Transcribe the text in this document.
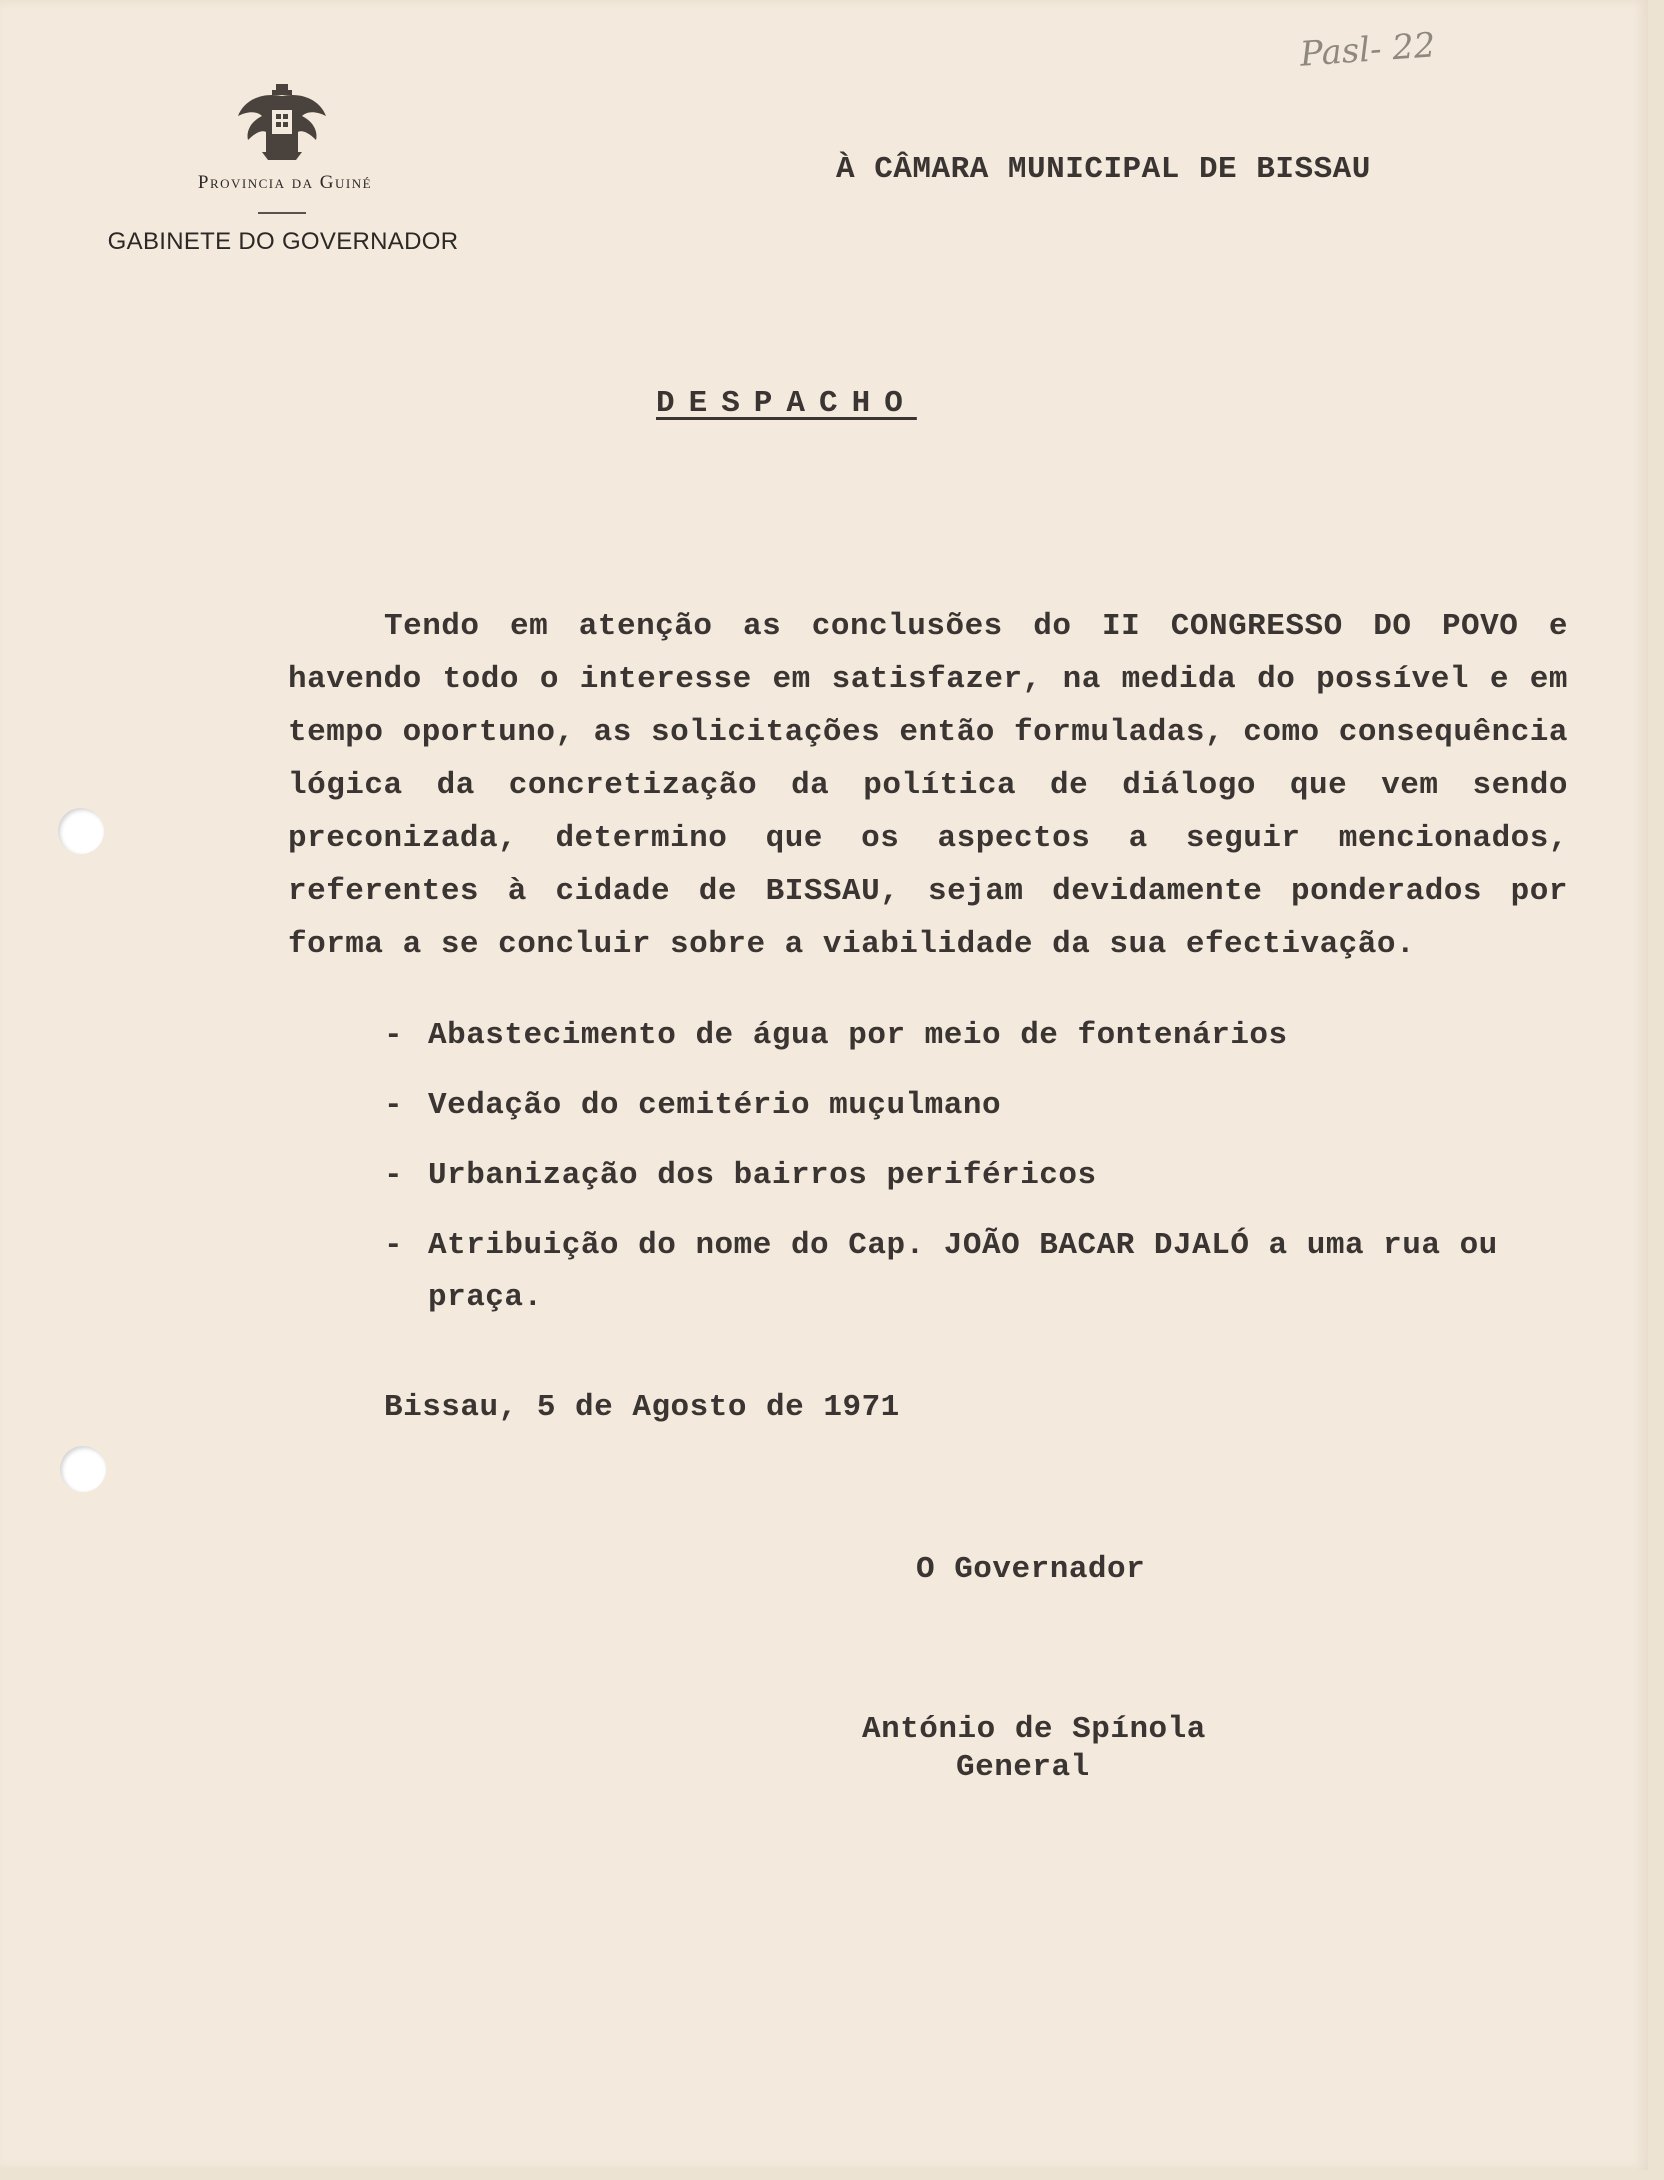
Provincia da Guiné
GABINETE DO GOVERNADOR
Pasl- 22
À CÂMARA MUNICIPAL DE BISSAU
DESPACHO

Tendo em atenção as conclusões do II CONGRESSO DO POVO e havendo todo o interesse em satisfazer, na medida do possível e em tempo oportuno, as solicitações então formuladas, como consequência lógica da concretização da política de diálogo que vem sendo preconizada, determino que os aspectos a seguir mencionados, referentes à cidade de BISSAU, sejam devidamente ponderados por forma a se concluir sobre a viabilidade da sua efectivação.

- Abastecimento de água por meio de fontenários
- Vedação do cemitério muçulmano
- Urbanização dos bairros periféricos
- Atribuição do nome do Cap. JOÃO BACAR DJALÓ a uma rua ou praça.
Bissau, 5 de Agosto de 1971
O Governador
António de Spínola
General
